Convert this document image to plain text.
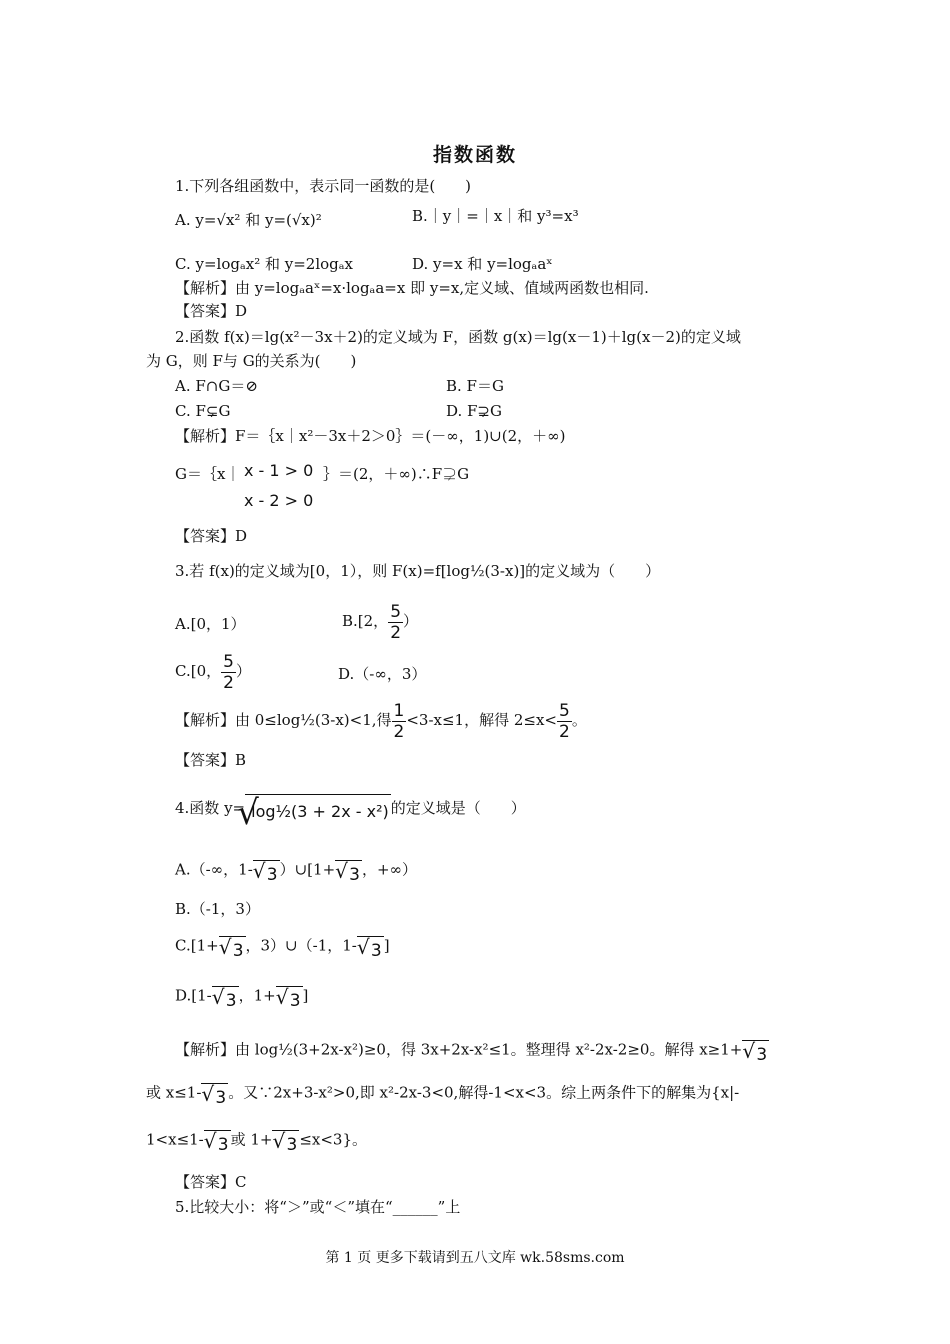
指数函数
1.下列各组函数中，表示同一函数的是(　　)
A. y=√x² 和 y=(√x)²	B.｜y｜=｜x｜和 y³=x³
C. y=logₐx² 和 y=2logₐx	D. y=x 和 y=logₐaˣ
【解析】由 y=logₐaˣ=x·logₐa=x 即 y=x,定义域、值域两函数也相同.
【答案】D
2.函数 f(x)＝lg(x²－3x＋2)的定义域为 F，函数 g(x)＝lg(x－1)＋lg(x－2)的定义域
为 G，则 F与 G的关系为(　　)
A. F∩G＝⊘	B. F＝G
C. F⊊G	D. F⊋G
【解析】F＝｛x｜x²－3x＋2＞0｝＝(－∞，1)∪(2，＋∞)
G＝｛x｜ x - 1 > 0
x - 2 > 0
｝＝(2，＋∞)∴F⊋G
【答案】D
3.若 f(x)的定义域为[0，1），则 F(x)=f[log½(3-x)]的定义域为（　　）
A.[0，1）	B.[2， $\frac{5}{2}$ ）
C.[0， $\frac{5}{2}$ ）	D.（-∞，3）
【解析】由 0≤log½(3-x)<1,得 $\frac{1}{2} <3-x\le 1$，解得 $2\le x< \frac{5}{2}$ 。
【答案】B
4.函数 y=
√
log½(3 + 2x - x²) 的定义域是（　　）
A.（-∞，1- √ 3 ）∪[1+ √ 3 ，+∞）
B.（-1，3）
C.[1+ √ 3 ，3）∪（-1，1- √ 3 ]
D.[1- √ 3 ，1+ √ 3 ]
【解析】由 log½(3+2x-x²)≥0，得 3x+2x-x²≤1。整理得 x²-2x-2≥0。解得 x≥1+ √ 3
或 x≤1- √ 3 。又∵2x+3-x²>0,即 x²-2x-3<0,解得-1<x<3。综上两条件下的解集为{x|-
1<x≤1- √ 3 或 1+ √ 3 ≤x<3}。
【答案】C
5.比较大小：将“＞”或“＜”填在“______”上
第 1 页 更多下载请到五八文库 wk.58sms.com
